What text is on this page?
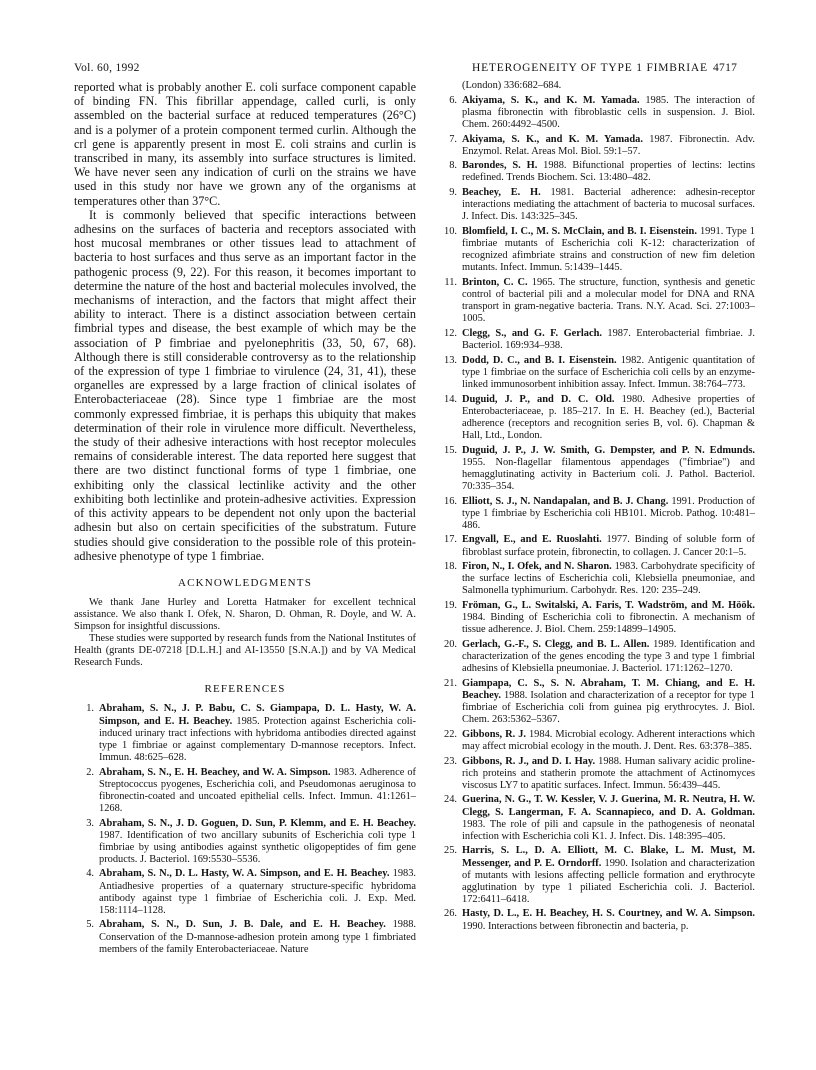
Vol. 60, 1992	HETEROGENEITY OF TYPE 1 FIMBRIAE 4717

reported what is probably another E. coli surface component capable of binding FN. This fibrillar appendage, called curli, is only assembled on the bacterial surface at reduced temperatures (26°C) and is a polymer of a protein component termed curlin. Although the crl gene is apparently present in most E. coli strains and curlin is transcribed in many, its assembly into surface structures is limited. We have never seen any indication of curli on the strains we have used in this study nor have we grown any of the organisms at temperatures other than 37°C.

It is commonly believed that specific interactions between adhesins on the surfaces of bacteria and receptors associated with host mucosal membranes or other tissues lead to attachment of bacteria to host surfaces and thus serve as an important factor in the pathogenic process (9, 22). For this reason, it becomes important to determine the nature of the host and bacterial molecules involved, the mechanisms of interaction, and the factors that might affect their ability to interact. There is a distinct association between certain fimbrial types and disease, the best example of which may be the association of P fimbriae and pyelonephritis (33, 50, 67, 68). Although there is still considerable controversy as to the relationship of the expression of type 1 fimbriae to virulence (24, 31, 41), these organelles are expressed by a large fraction of clinical isolates of Enterobacteriaceae (28). Since type 1 fimbriae are the most commonly expressed fimbriae, it is perhaps this ubiquity that makes determination of their role in virulence more difficult. Nevertheless, the study of their adhesive interactions with host receptor molecules remains of considerable interest. The data reported here suggest that there are two distinct functional forms of type 1 fimbriae, one exhibiting only the classical lectinlike activity and the other exhibiting both lectinlike and protein-adhesive activities. Expression of this activity appears to be dependent not only upon the bacterial adhesin but also on certain specificities of the substratum. Future studies should give consideration to the possible role of this protein-adhesive phenotype of type 1 fimbriae.

ACKNOWLEDGMENTS

We thank Jane Hurley and Loretta Hatmaker for excellent technical assistance. We also thank I. Ofek, N. Sharon, D. Ohman, R. Doyle, and W. A. Simpson for insightful discussions.

These studies were supported by research funds from the National Institutes of Health (grants DE-07218 [D.L.H.] and AI-13550 [S.N.A.]) and by VA Medical Research Funds.

REFERENCES
1. Abraham, S. N., J. P. Babu, C. S. Giampapa, D. L. Hasty, W. A. Simpson, and E. H. Beachey. 1985. Protection against Escherichia coli-induced urinary tract infections with hybridoma antibodies directed against type 1 fimbriae or against complementary D-mannose receptors. Infect. Immun. 48:625–628.
2. Abraham, S. N., E. H. Beachey, and W. A. Simpson. 1983. Adherence of Streptococcus pyogenes, Escherichia coli, and Pseudomonas aeruginosa to fibronectin-coated and uncoated epithelial cells. Infect. Immun. 41:1261–1268.
3. Abraham, S. N., J. D. Goguen, D. Sun, P. Klemm, and E. H. Beachey. 1987. Identification of two ancillary subunits of Escherichia coli type 1 fimbriae by using antibodies against synthetic oligopeptides of fim gene products. J. Bacteriol. 169:5530–5536.
4. Abraham, S. N., D. L. Hasty, W. A. Simpson, and E. H. Beachey. 1983. Antiadhesive properties of a quaternary structure-specific hybridoma antibody against type 1 fimbriae of Escherichia coli. J. Exp. Med. 158:1114–1128.
5. Abraham, S. N., D. Sun, J. B. Dale, and E. H. Beachey. 1988. Conservation of the D-mannose-adhesion protein among type 1 fimbriated members of the family Enterobacteriaceae. Nature
(London) 336:682–684.
6. Akiyama, S. K., and K. M. Yamada. 1985. The interaction of plasma fibronectin with fibroblastic cells in suspension. J. Biol. Chem. 260:4492–4500.
7. Akiyama, S. K., and K. M. Yamada. 1987. Fibronectin. Adv. Enzymol. Relat. Areas Mol. Biol. 59:1–57.
8. Barondes, S. H. 1988. Bifunctional properties of lectins: lectins redefined. Trends Biochem. Sci. 13:480–482.
9. Beachey, E. H. 1981. Bacterial adherence: adhesin-receptor interactions mediating the attachment of bacteria to mucosal surfaces. J. Infect. Dis. 143:325–345.
10. Blomfield, I. C., M. S. McClain, and B. I. Eisenstein. 1991. Type 1 fimbriae mutants of Escherichia coli K-12: characterization of recognized afimbriate strains and construction of new fim deletion mutants. Infect. Immun. 5:1439–1445.
11. Brinton, C. C. 1965. The structure, function, synthesis and genetic control of bacterial pili and a molecular model for DNA and RNA transport in gram-negative bacteria. Trans. N.Y. Acad. Sci. 27:1003–1005.
12. Clegg, S., and G. F. Gerlach. 1987. Enterobacterial fimbriae. J. Bacteriol. 169:934–938.
13. Dodd, D. C., and B. I. Eisenstein. 1982. Antigenic quantitation of type 1 fimbriae on the surface of Escherichia coli cells by an enzyme-linked immunosorbent inhibition assay. Infect. Immun. 38:764–773.
14. Duguid, J. P., and D. C. Old. 1980. Adhesive properties of Enterobacteriaceae, p. 185–217. In E. H. Beachey (ed.), Bacterial adherence (receptors and recognition series B, vol. 6). Chapman & Hall, Ltd., London.
15. Duguid, J. P., J. W. Smith, G. Dempster, and P. N. Edmunds. 1955. Non-flagellar filamentous appendages ("fimbriae") and hemagglutinating activity in Bacterium coli. J. Pathol. Bacteriol. 70:335–354.
16. Elliott, S. J., N. Nandapalan, and B. J. Chang. 1991. Production of type 1 fimbriae by Escherichia coli HB101. Microb. Pathog. 10:481–486.
17. Engvall, E., and E. Ruoslahti. 1977. Binding of soluble form of fibroblast surface protein, fibronectin, to collagen. J. Cancer 20:1–5.
18. Firon, N., I. Ofek, and N. Sharon. 1983. Carbohydrate specificity of the surface lectins of Escherichia coli, Klebsiella pneumoniae, and Salmonella typhimurium. Carbohydr. Res. 120: 235–249.
19. Fröman, G., L. Switalski, A. Faris, T. Wadström, and M. Höök. 1984. Binding of Escherichia coli to fibronectin. A mechanism of tissue adherence. J. Biol. Chem. 259:14899–14905.
20. Gerlach, G.-F., S. Clegg, and B. L. Allen. 1989. Identification and characterization of the genes encoding the type 3 and type 1 fimbrial adhesins of Klebsiella pneumoniae. J. Bacteriol. 171:1262–1270.
21. Giampapa, C. S., S. N. Abraham, T. M. Chiang, and E. H. Beachey. 1988. Isolation and characterization of a receptor for type 1 fimbriae of Escherichia coli from guinea pig erythrocytes. J. Biol. Chem. 263:5362–5367.
22. Gibbons, R. J. 1984. Microbial ecology. Adherent interactions which may affect microbial ecology in the mouth. J. Dent. Res. 63:378–385.
23. Gibbons, R. J., and D. I. Hay. 1988. Human salivary acidic proline-rich proteins and statherin promote the attachment of Actinomyces viscosus LY7 to apatitic surfaces. Infect. Immun. 56:439–445.
24. Guerina, N. G., T. W. Kessler, V. J. Guerina, M. R. Neutra, H. W. Clegg, S. Langerman, F. A. Scannapieco, and D. A. Goldman. 1983. The role of pili and capsule in the pathogenesis of neonatal infection with Escherichia coli K1. J. Infect. Dis. 148:395–405.
25. Harris, S. L., D. A. Elliott, M. C. Blake, L. M. Must, M. Messenger, and P. E. Orndorff. 1990. Isolation and characterization of mutants with lesions affecting pellicle formation and erythrocyte agglutination by type 1 piliated Escherichia coli. J. Bacteriol. 172:6411–6418.
26. Hasty, D. L., E. H. Beachey, H. S. Courtney, and W. A. Simpson. 1990. Interactions between fibronectin and bacteria, p.
